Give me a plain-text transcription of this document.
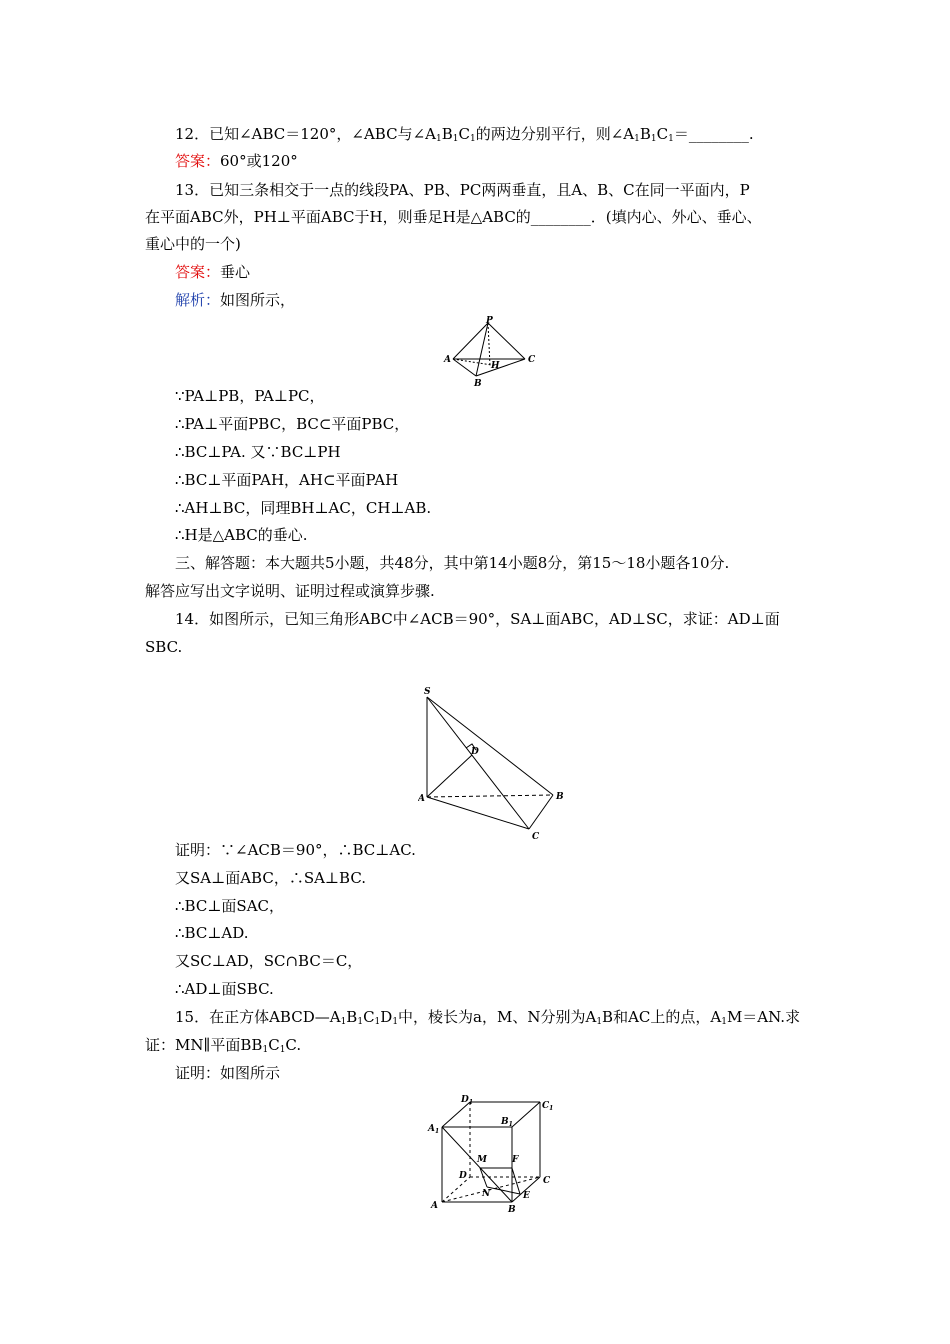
12．已知∠ABC＝120°，∠ABC与$\angle A_1B_1C_1$的两边分别平行，则$\angle A_1B_1C_1=\_\_\_\_\_\_\_\_$.
答案：60°或120°
13．已知三条相交于一点的线段PA、PB、PC两两垂直，且A、B、C在同一平面内，P
在平面ABC外，PH⊥平面ABC于H，则垂足H是△ABC的________．(填内心、外心、垂心、
重心中的一个)
答案：垂心
解析：如图所示，
P
A
B
C
H
∵PA⊥PB，PA⊥PC，
∴PA⊥平面PBC，BC⊂平面PBC，
∴BC⊥PA. 又∵BC⊥PH
∴BC⊥平面PAH，AH⊂平面PAH
∴AH⊥BC，同理BH⊥AC，CH⊥AB.
∴H是△ABC的垂心.
三、解答题：本大题共5小题，共48分，其中第14小题8分，第15～18小题各10分.
解答应写出文字说明、证明过程或演算步骤.
14．如图所示，已知三角形ABC中∠ACB＝90°，SA⊥面ABC，AD⊥SC，求证：AD⊥面
SBC.
S
D
A	B
C
证明：∵∠ACB＝90°，∴BC⊥AC.
又SA⊥面ABC，∴SA⊥BC.
∴BC⊥面SAC，
∴BC⊥AD.
又SC⊥AD，SC∩BC＝C，
∴AD⊥面SBC.
15．在正方体$ABCD—A_1B_1C_1D_1$中，棱长为a，M、N分别为$A_1B$和AC上的点，$A_1M=AN$.求
证：MN∥平面$BB_1C_1C$.
证明：如图所示
$D_1$	$C_1$
$A_1$
$B_1$
M	F
D	C
N	E
A	B
